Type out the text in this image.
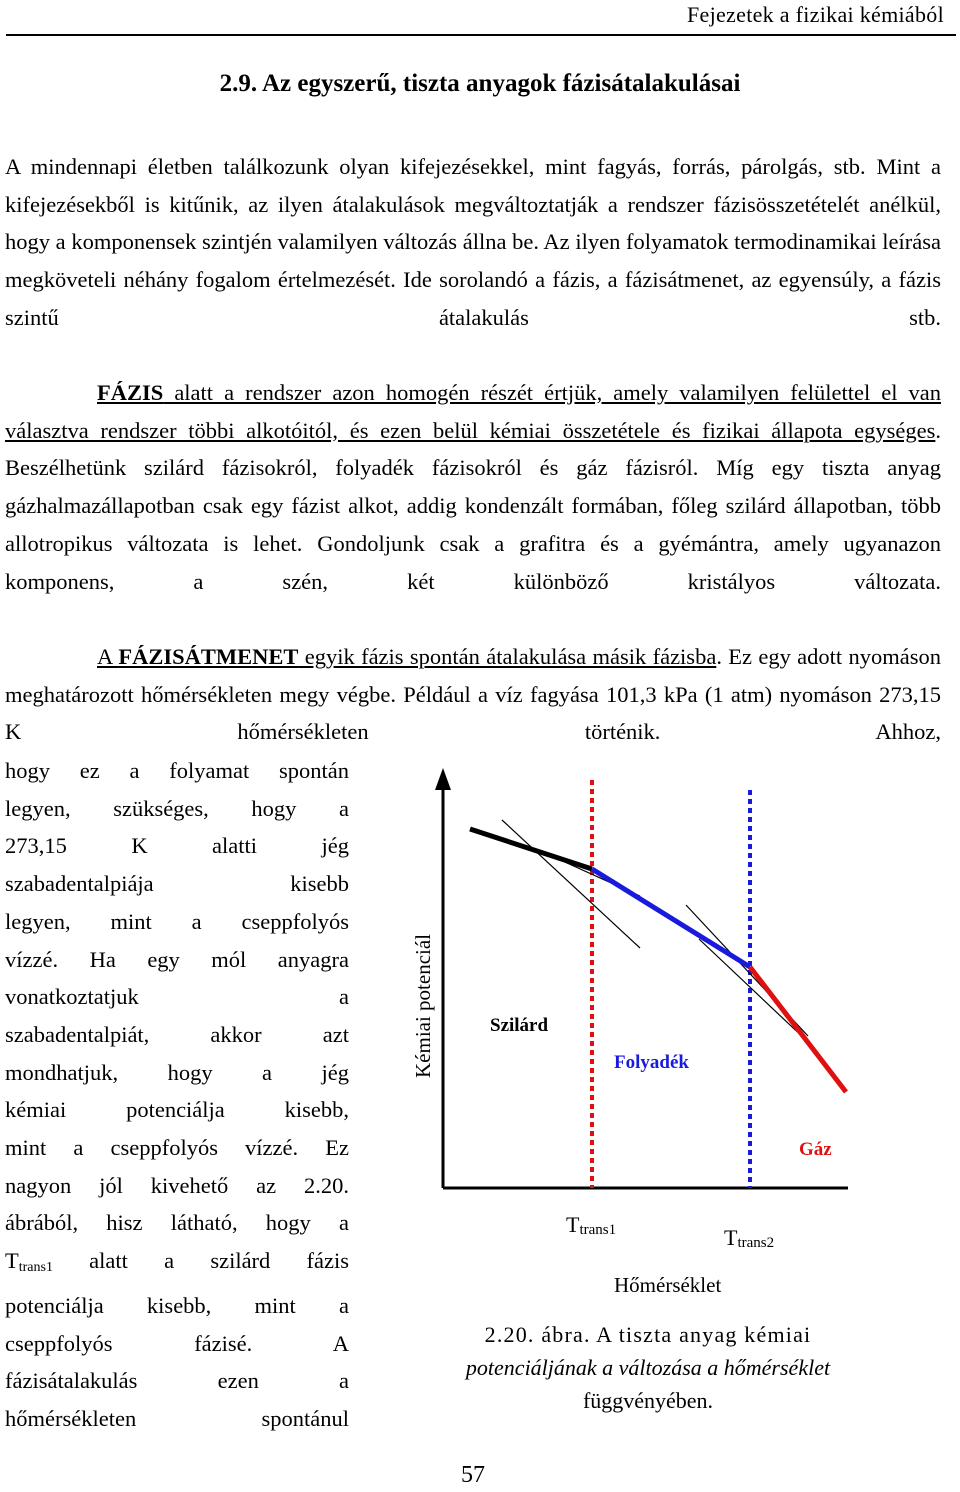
Fejezetek a fizikai kémiából
2.9. Az egyszerű, tiszta anyagok fázisátalakulásai
A mindennapi életben találkozunk olyan kifejezésekkel, mint fagyás, forrás, párolgás, stb. Mint a kifejezésekből is kitűnik, az ilyen átalakulások megváltoztatják a rendszer fázisösszetételét anélkül, hogy a komponensek szintjén valamilyen változás állna be. Az ilyen folyamatok termodinamikai leírása megköveteli néhány fogalom értelmezését. Ide sorolandó a fázis, a fázisátmenet, az egyensúly, a fázis szintű átalakulás stb.
FÁZIS alatt a rendszer azon homogén részét értjük, amely valamilyen felülettel el van választva rendszer többi alkotóitól, és ezen belül kémiai összetétele és fizikai állapota egységes. Beszélhetünk szilárd fázisokról, folyadék fázisokról és gáz fázisról. Míg egy tiszta anyag gázhalmazállapotban csak egy fázist alkot, addig kondenzált formában, főleg szilárd állapotban, több allotropikus változata is lehet. Gondoljunk csak a grafitra és a gyémántra, amely ugyanazon komponens, a szén, két különböző kristályos változata.
A FÁZISÁTMENET egyik fázis spontán átalakulása másik fázisba. Ez egy adott nyomáson meghatározott hőmérsékleten megy végbe. Például a víz fagyása 101,3 kPa (1 atm) nyomáson 273,15 K hőmérsékleten történik. Ahhoz,
hogy ez a folyamat spontán
legyen, szükséges, hogy a
273,15 K alatti jég
szabadentalpiája kisebb
legyen, mint a cseppfolyós
vízzé. Ha egy mól anyagra
vonatkoztatjuk a
szabadentalpiát, akkor azt
mondhatjuk, hogy a jég
kémiai potenciálja kisebb,
mint a cseppfolyós vízzé. Ez
nagyon jól kivehető az 2.20.
ábrából, hisz látható, hogy a
$T_{trans1}$ alatt a szilárd fázis
potenciálja kisebb, mint a
cseppfolyós fázisé. A
fázisátalakulás ezen a
hőmérsékleten spontánul
Kémiai potenciál	Szilárd
Folyadék
Gáz
Ttrans1	Ttrans2
Hőmérséklet
2.20. ábra. A tiszta anyag kémiai
potenciáljának a változása a hőmérséklet
függvényében.
57
